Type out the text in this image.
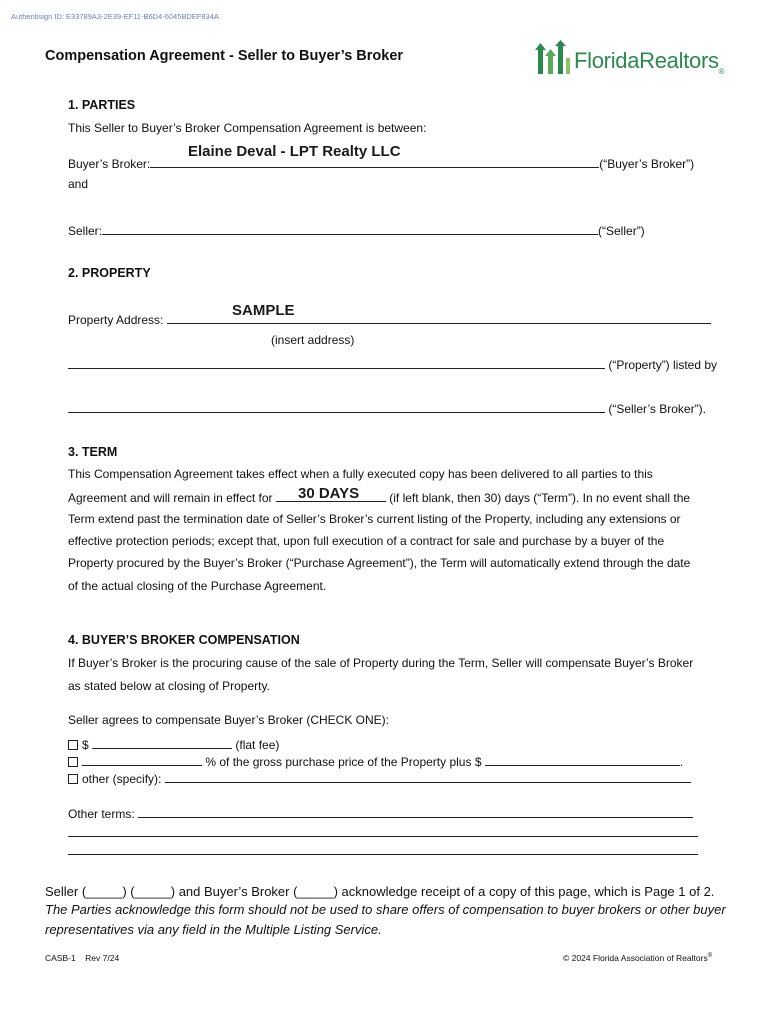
Authentisign ID: E33789A3-2E39-EF11-B6D4-6045BDEF834A
Compensation Agreement - Seller to Buyer’s Broker	FloridaRealtors ®
1. PARTIES
This Seller to Buyer’s Broker Compensation Agreement is between:
Buyer’s Broker:	(“Buyer’s Broker”)
Elaine Deval - LPT Realty LLC
and
Seller:	(“Seller”)
2. PROPERTY
Property Address:
SAMPLE
(insert address)
(“Property”) listed by
(“Seller’s Broker”).
3. TERM
This Compensation Agreement takes effect when a fully executed copy has been delivered to all parties to this
Agreement and will remain in effect for	(if left blank, then 30) days (“Term”). In no event shall the
30 DAYS
Term extend past the termination date of Seller’s Broker’s current listing of the Property, including any extensions or
effective protection periods; except that, upon full execution of a contract for sale and purchase by a buyer of the
Property procured by the Buyer’s Broker (“Purchase Agreement”), the Term will automatically extend through the date
of the actual closing of the Purchase Agreement.
4. BUYER’S BROKER COMPENSATION
If Buyer’s Broker is the procuring cause of the sale of Property during the Term, Seller will compensate Buyer’s Broker
as stated below at closing of Property.
Seller agrees to compensate Buyer’s Broker (CHECK ONE):
$	(flat fee)
% of the gross purchase price of the Property plus $	.
other (specify):
Other terms:
Seller (_____) (_____) and Buyer’s Broker (_____) acknowledge receipt of a copy of this page, which is Page 1 of 2.
The Parties acknowledge this form should not be used to share offers of compensation to buyer brokers or other buyer
representatives via any field in the Multiple Listing Service.
CASB-1 Rev 7/24	© 2024 Florida Association of Realtors®
